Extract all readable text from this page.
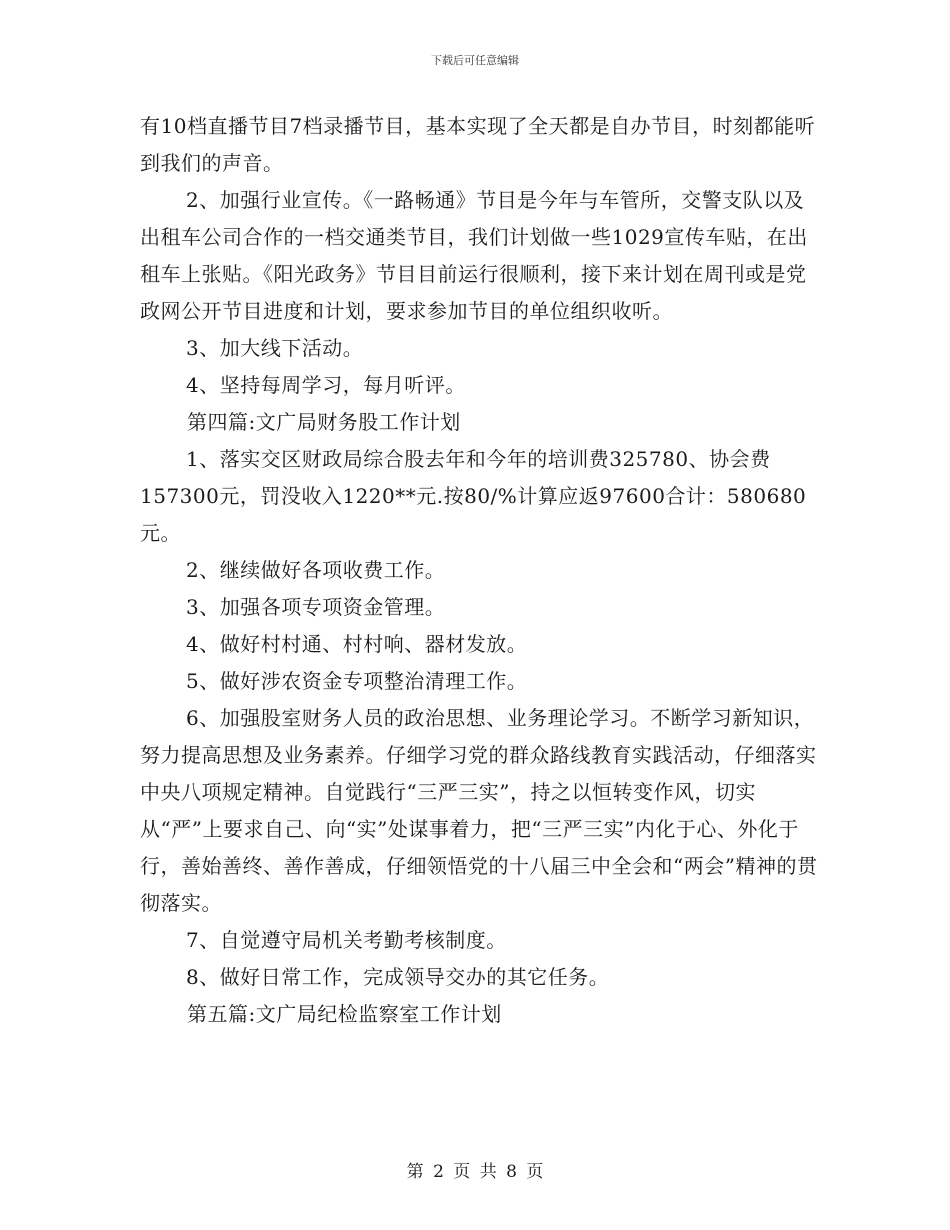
下载后可任意编辑

有10档直播节目7档录播节目，基本实现了全天都是自办节目，时刻都能听到我们的声音。

2、加强行业宣传。《一路畅通》节目是今年与车管所，交警支队以及出租车公司合作的一档交通类节目，我们计划做一些1029宣传车贴，在出租车上张贴。《阳光政务》节目目前运行很顺利，接下来计划在周刊或是党政网公开节目进度和计划，要求参加节目的单位组织收听。

3、加大线下活动。

4、坚持每周学习，每月听评。

第四篇:文广局财务股工作计划

1、落实交区财政局综合股去年和今年的培训费325780、协会费157300元，罚没收入1220**元.按80/%计算应返97600合计：580680元。

2、继续做好各项收费工作。

3、加强各项专项资金管理。

4、做好村村通、村村响、器材发放。

5、做好涉农资金专项整治清理工作。

6、加强股室财务人员的政治思想、业务理论学习。不断学习新知识，努力提高思想及业务素养。仔细学习党的群众路线教育实践活动，仔细落实中央八项规定精神。自觉践行“三严三实”，持之以恒转变作风，切实从“严”上要求自己、向“实”处谋事着力，把“三严三实”内化于心、外化于行，善始善终、善作善成，仔细领悟党的十八届三中全会和“两会”精神的贯彻落实。

7、自觉遵守局机关考勤考核制度。

8、做好日常工作，完成领导交办的其它任务。

第五篇:文广局纪检监察室工作计划

第 2 页 共 8 页
